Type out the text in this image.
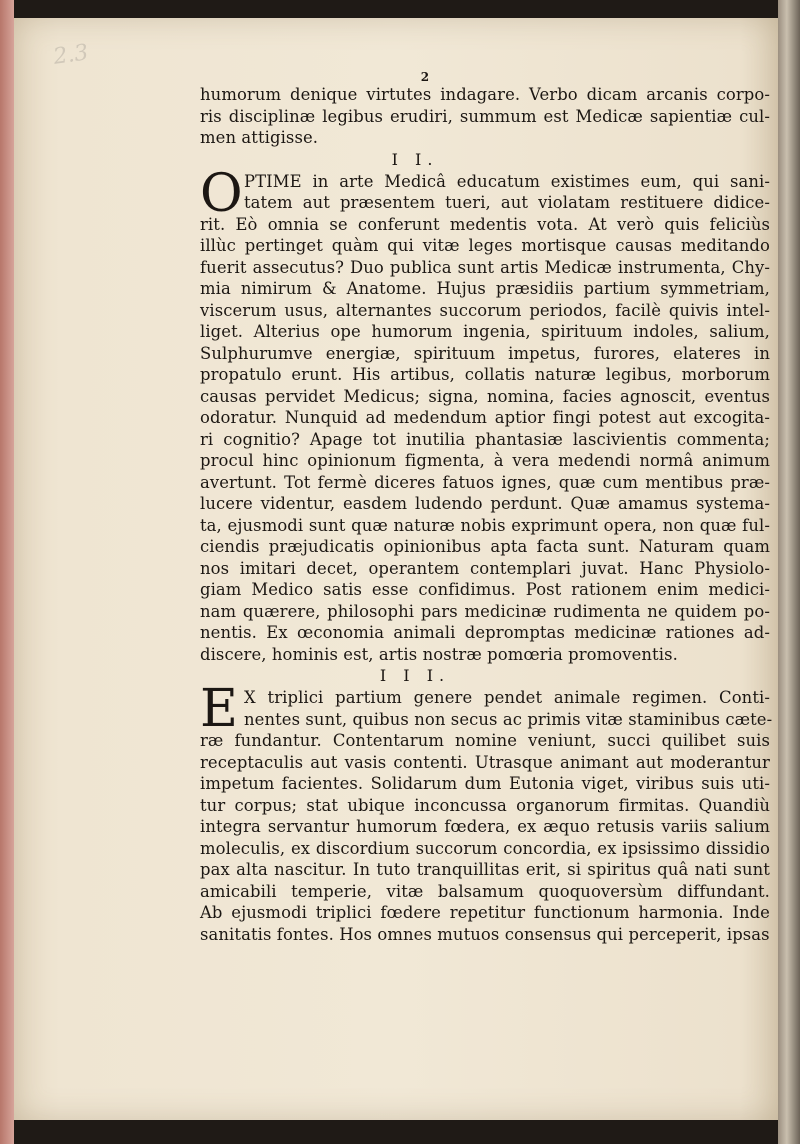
2.3
2
humorum denique virtutes indagare. Verbo dicam arcanis corpo-
ris disciplinæ legibus erudiri, summum est Medicæ sapientiæ cul-
men attigisse.
I I.
O PTIME in arte Medicâ educatum existimes eum, qui sani-
tatem aut præsentem tueri, aut violatam restituere didice-
rit. Eò omnia se conferunt medentis vota. At verò quis feliciùs
illùc pertinget quàm qui vitæ leges mortisque causas meditando
fuerit assecutus? Duo publica sunt artis Medicæ instrumenta, Chy-
mia nimirum & Anatome. Hujus præsidiis partium symmetriam,
viscerum usus, alternantes succorum periodos, facilè quivis intel-
liget. Alterius ope humorum ingenia, spirituum indoles, salium,
Sulphurumve energiæ, spirituum impetus, furores, elateres in
propatulo erunt. His artibus, collatis naturæ legibus, morborum
causas pervidet Medicus; signa, nomina, facies agnoscit, eventus
odoratur. Nunquid ad medendum aptior fingi potest aut excogita-
ri cognitio? Apage tot inutilia phantasiæ lascivientis commenta;
procul hinc opinionum figmenta, à vera medendi normâ animum
avertunt. Tot fermè diceres fatuos ignes, quæ cum mentibus præ-
lucere videntur, easdem ludendo perdunt. Quæ amamus systema-
ta, ejusmodi sunt quæ naturæ nobis exprimunt opera, non quæ ful-
ciendis præjudicatis opinionibus apta facta sunt. Naturam quam
nos imitari decet, operantem contemplari juvat. Hanc Physiolo-
giam Medico satis esse confidimus. Post rationem enim medici-
nam quærere, philosophi pars medicinæ rudimenta ne quidem po-
nentis. Ex œconomia animali depromptas medicinæ rationes ad-
discere, hominis est, artis nostræ pomœria promoventis.
I I I.
E X triplici partium genere pendet animale regimen. Conti-
nentes sunt, quibus non secus ac primis vitæ staminibus cæte-
ræ fundantur. Contentarum nomine veniunt, succi quilibet suis
receptaculis aut vasis contenti. Utrasque animant aut moderantur
impetum facientes. Solidarum dum Eutonia viget, viribus suis uti-
tur corpus; stat ubique inconcussa organorum firmitas. Quandiù
integra servantur humorum fœdera, ex æquo retusis variis salium
moleculis, ex discordium succorum concordia, ex ipsissimo dissidio
pax alta nascitur. In tuto tranquillitas erit, si spiritus quâ nati sunt
amicabili temperie, vitæ balsamum quoquoversùm diffundant.
Ab ejusmodi triplici fœdere repetitur functionum harmonia. Inde
sanitatis fontes. Hos omnes mutuos consensus qui perceperit, ipsas
